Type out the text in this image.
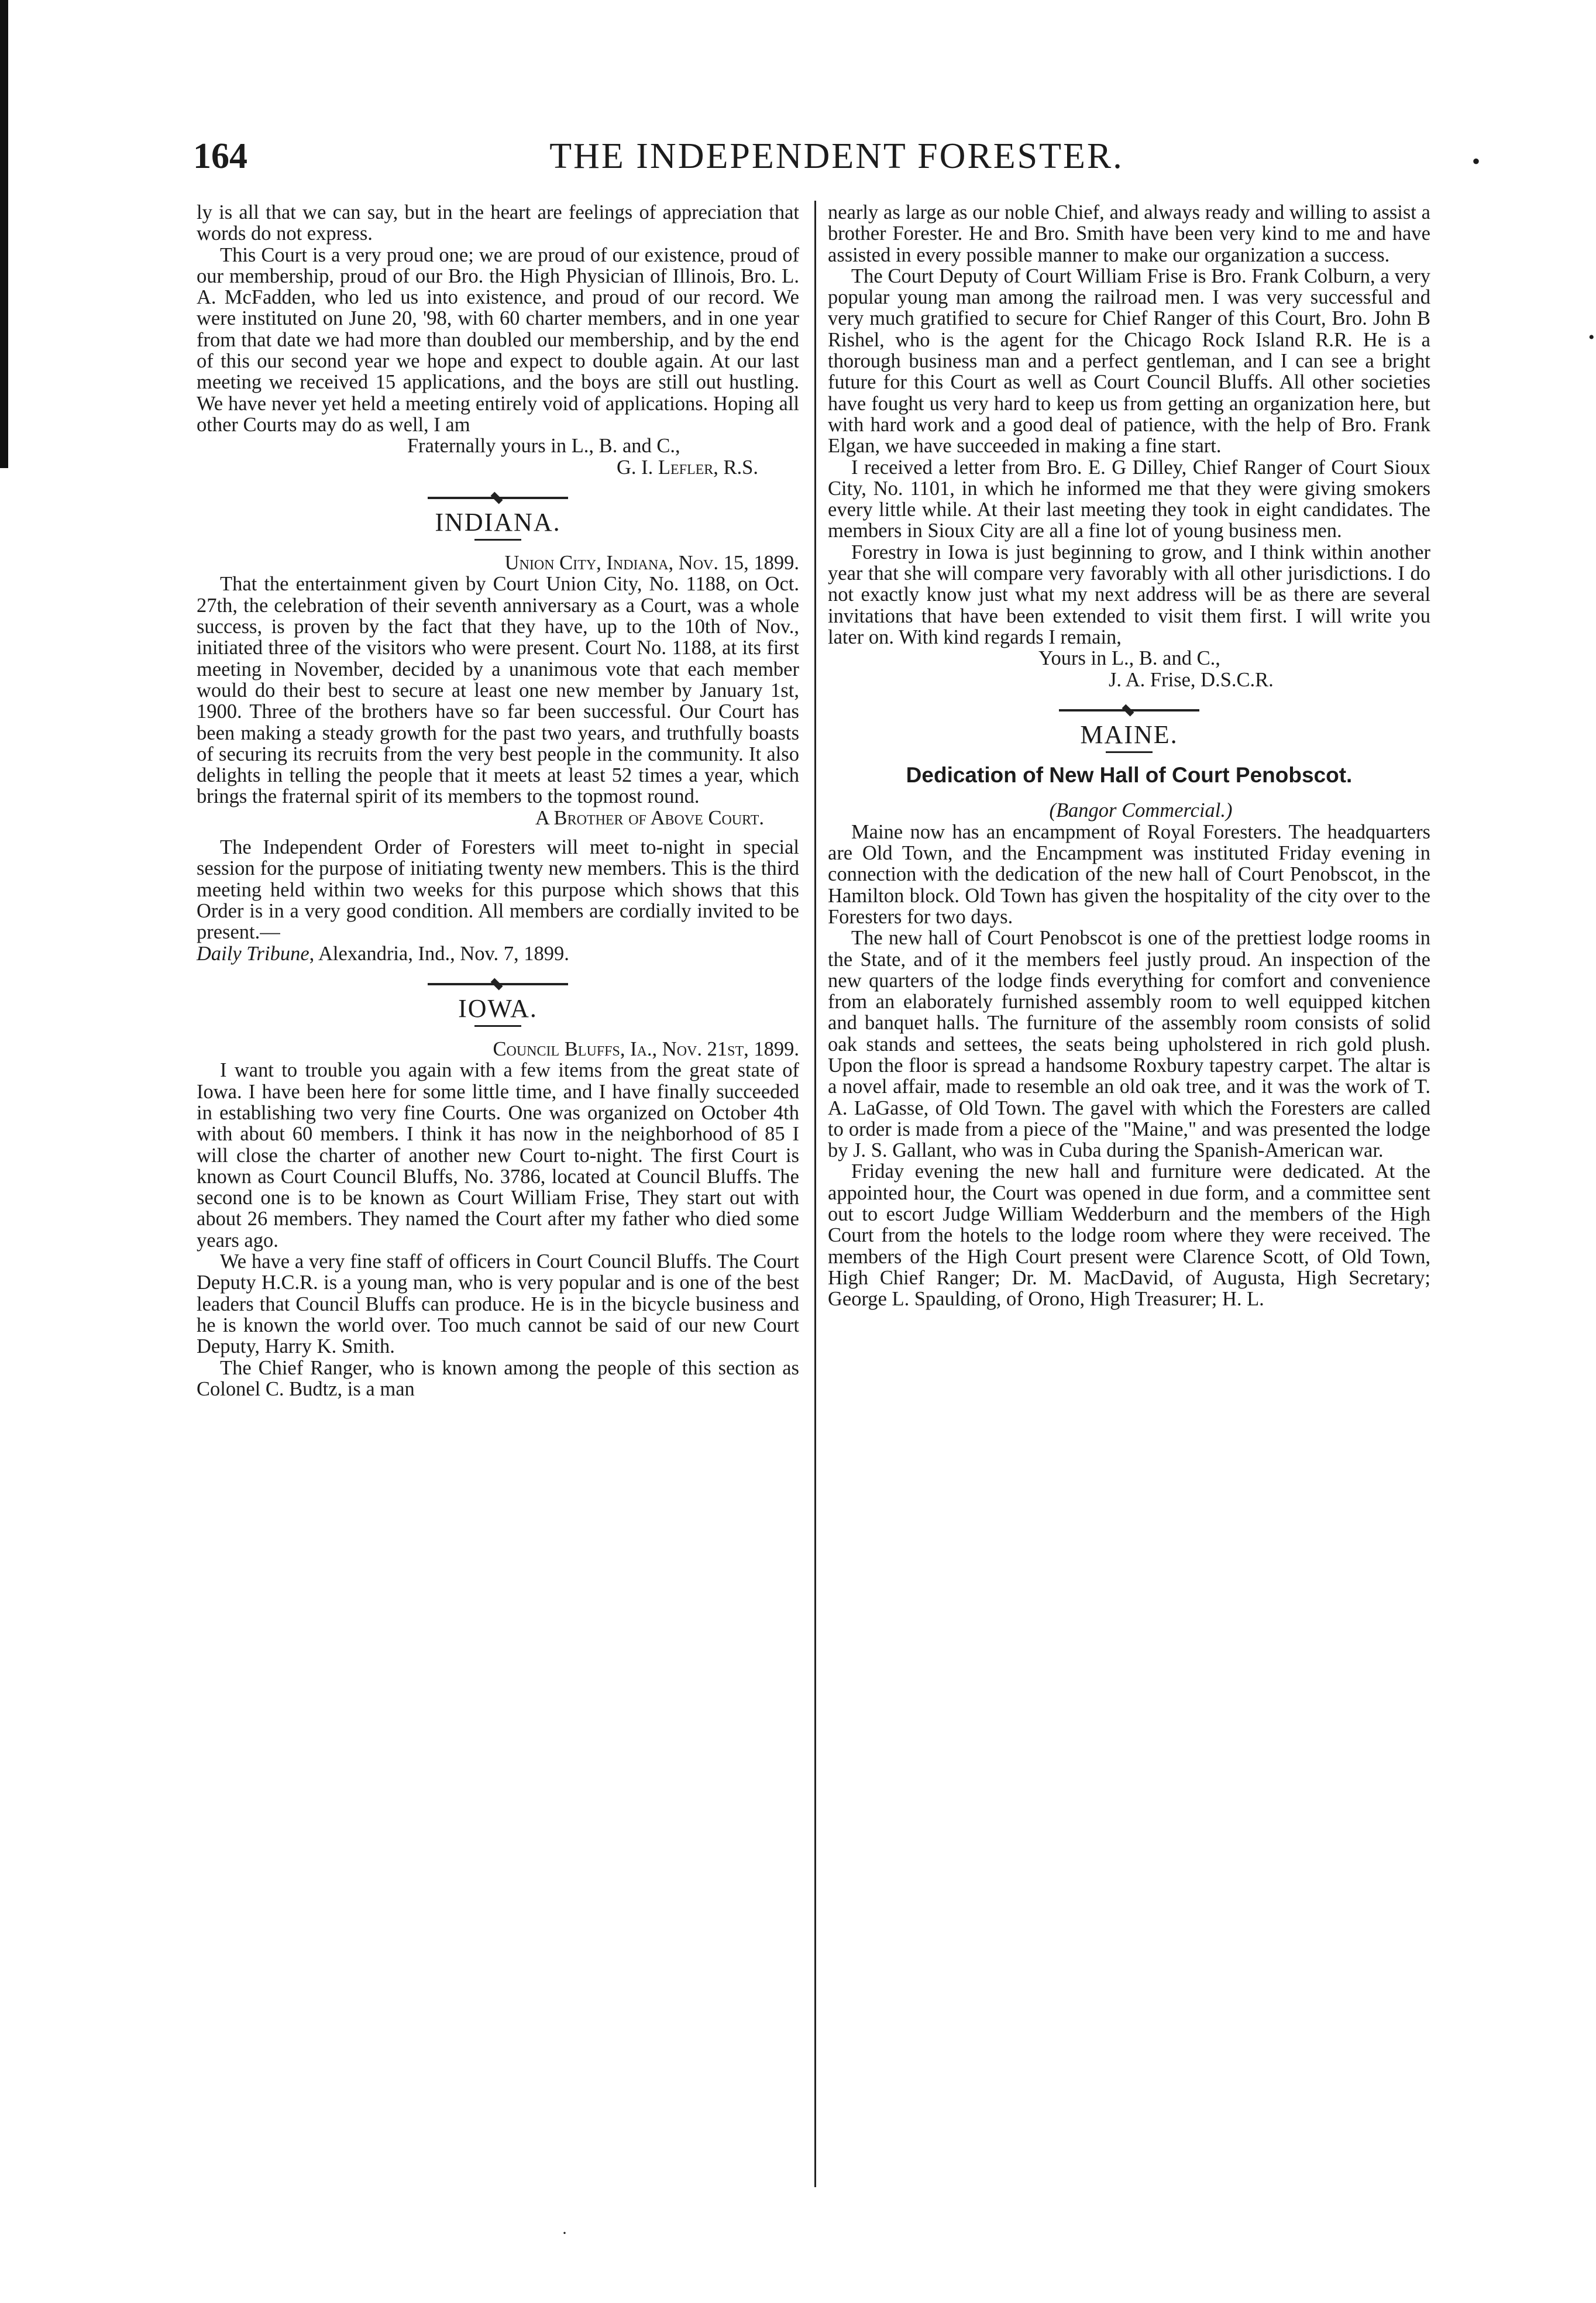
164	THE INDEPENDENT FORESTER.	•

ly is all that we can say, but in the heart are feelings of appreciation that words do not express.

This Court is a very proud one; we are proud of our existence, proud of our membership, proud of our Bro. the High Physician of Illinois, Bro. L. A. McFadden, who led us into existence, and proud of our record. We were instituted on June 20, '98, with 60 charter members, and in one year from that date we had more than doubled our membership, and by the end of this our second year we hope and expect to double again. At our last meeting we received 15 applications, and the boys are still out hustling. We have never yet held a meeting entirely void of applications. Hoping all other Courts may do as well, I am

Fraternally yours in L., B. and C.,

G. I. Lefler, R.S.

INDIANA.

Union City, Indiana, Nov. 15, 1899.

That the entertainment given by Court Union City, No. 1188, on Oct. 27th, the celebration of their seventh anniversary as a Court, was a whole success, is proven by the fact that they have, up to the 10th of Nov., initiated three of the visitors who were present. Court No. 1188, at its first meeting in November, decided by a unanimous vote that each member would do their best to secure at least one new member by January 1st, 1900. Three of the brothers have so far been successful. Our Court has been making a steady growth for the past two years, and truthfully boasts of securing its recruits from the very best people in the community. It also delights in telling the people that it meets at least 52 times a year, which brings the fraternal spirit of its members to the topmost round.

A Brother of Above Court.

The Independent Order of Foresters will meet to-night in special session for the purpose of initiating twenty new members. This is the third meeting held within two weeks for this purpose which shows that this Order is in a very good condition. All members are cordially invited to be present.—
Daily Tribune, Alexandria, Ind., Nov. 7, 1899.

IOWA.

Council Bluffs, Ia., Nov. 21st, 1899.

I want to trouble you again with a few items from the great state of Iowa. I have been here for some little time, and I have finally succeeded in establishing two very fine Courts. One was organized on October 4th with about 60 members. I think it has now in the neighborhood of 85 I will close the charter of another new Court to-night. The first Court is known as Court Council Bluffs, No. 3786, located at Council Bluffs. The second one is to be known as Court William Frise, They start out with about 26 members. They named the Court after my father who died some years ago.

We have a very fine staff of officers in Court Council Bluffs. The Court Deputy H.C.R. is a young man, who is very popular and is one of the best leaders that Council Bluffs can produce. He is in the bicycle business and he is known the world over. Too much cannot be said of our new Court Deputy, Harry K. Smith.

The Chief Ranger, who is known among the people of this section as Colonel C. Budtz, is a man

nearly as large as our noble Chief, and always ready and willing to assist a brother Forester. He and Bro. Smith have been very kind to me and have assisted in every possible manner to make our organization a success.

The Court Deputy of Court William Frise is Bro. Frank Colburn, a very popular young man among the railroad men. I was very successful and very much gratified to secure for Chief Ranger of this Court, Bro. John B Rishel, who is the agent for the Chicago Rock Island R.R. He is a thorough business man and a perfect gentleman, and I can see a bright future for this Court as well as Court Council Bluffs. All other societies have fought us very hard to keep us from getting an organization here, but with hard work and a good deal of patience, with the help of Bro. Frank Elgan, we have succeeded in making a fine start.

I received a letter from Bro. E. G Dilley, Chief Ranger of Court Sioux City, No. 1101, in which he informed me that they were giving smokers every little while. At their last meeting they took in eight candidates. The members in Sioux City are all a fine lot of young business men.

Forestry in Iowa is just beginning to grow, and I think within another year that she will compare very favorably with all other jurisdictions. I do not exactly know just what my next address will be as there are several invitations that have been extended to visit them first. I will write you later on. With kind regards I remain,

Yours in L., B. and C.,

J. A. Frise, D.S.C.R.

MAINE.
Dedication of New Hall of Court Penobscot.

(Bangor Commercial.)

Maine now has an encampment of Royal Foresters. The headquarters are Old Town, and the Encampment was instituted Friday evening in connection with the dedication of the new hall of Court Penobscot, in the Hamilton block. Old Town has given the hospitality of the city over to the Foresters for two days.

The new hall of Court Penobscot is one of the prettiest lodge rooms in the State, and of it the members feel justly proud. An inspection of the new quarters of the lodge finds everything for comfort and convenience from an elaborately furnished assembly room to well equipped kitchen and banquet halls. The furniture of the assembly room consists of solid oak stands and settees, the seats being upholstered in rich gold plush. Upon the floor is spread a handsome Roxbury tapestry carpet. The altar is a novel affair, made to resemble an old oak tree, and it was the work of T. A. LaGasse, of Old Town. The gavel with which the Foresters are called to order is made from a piece of the "Maine," and was presented the lodge by J. S. Gallant, who was in Cuba during the Spanish-American war.

Friday evening the new hall and furniture were dedicated. At the appointed hour, the Court was opened in due form, and a committee sent out to escort Judge William Wedderburn and the members of the High Court from the hotels to the lodge room where they were received. The members of the High Court present were Clarence Scott, of Old Town, High Chief Ranger; Dr. M. MacDavid, of Augusta, High Secretary; George L. Spaulding, of Orono, High Treasurer; H. L.

•
·
